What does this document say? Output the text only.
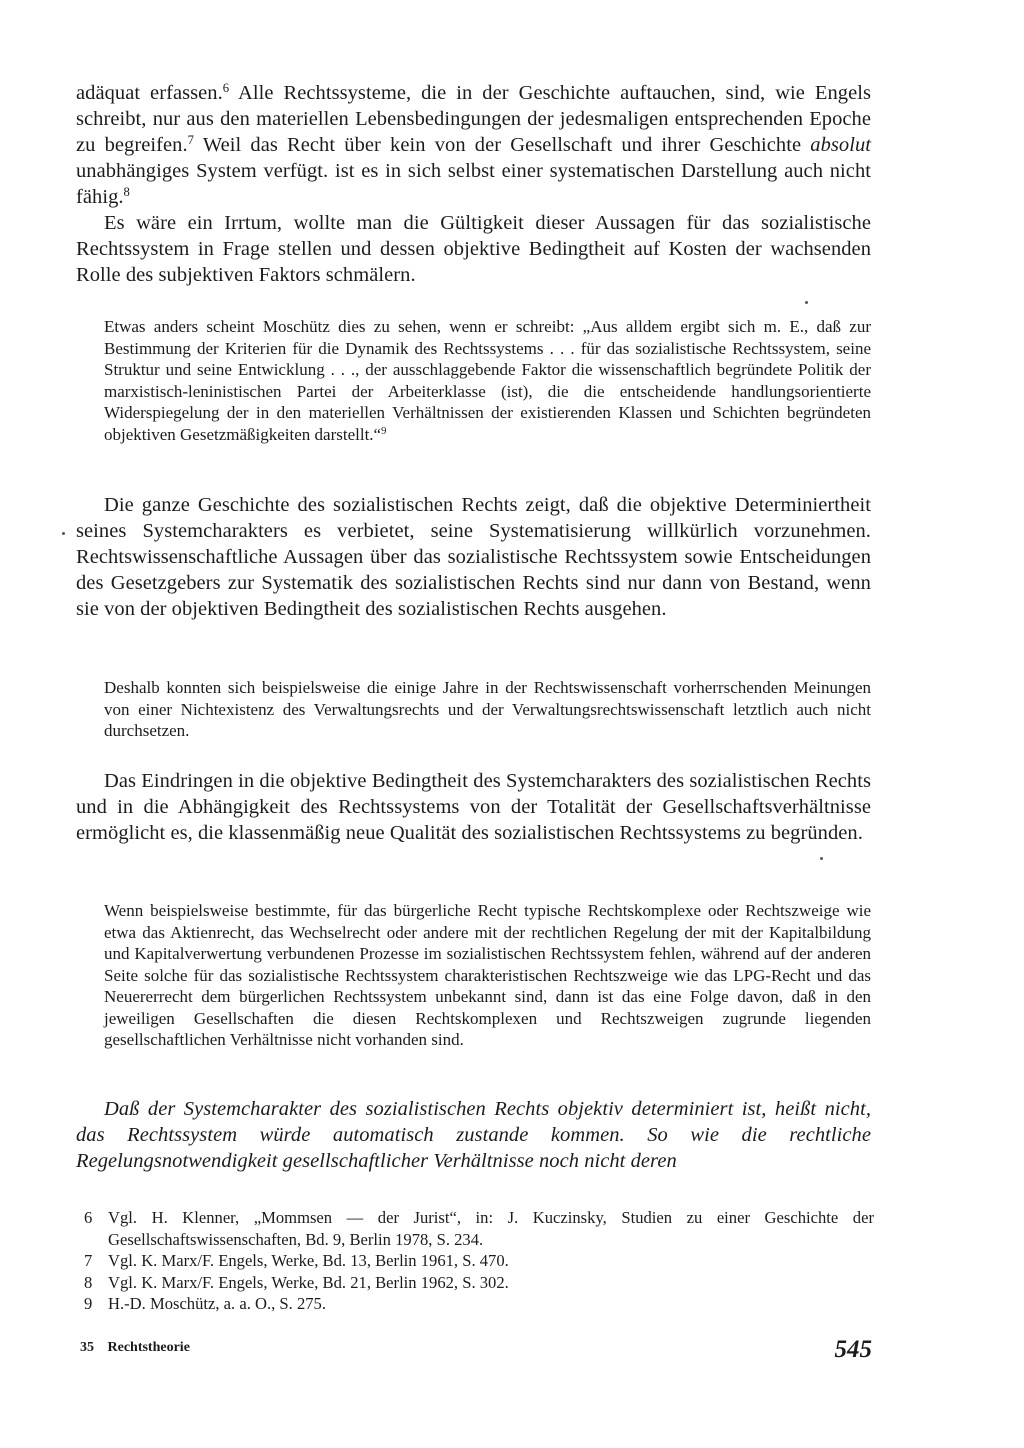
adäquat erfassen.$^6$ Alle Rechtssysteme, die in der Geschichte auftauchen, sind, wie Engels schreibt, nur aus den materiellen Lebensbedingungen der jedesmaligen entsprechenden Epoche zu begreifen.$^7$ Weil das Recht über kein von der Gesellschaft und ihrer Geschichte absolut unabhängiges System verfügt. ist es in sich selbst einer systematischen Darstellung auch nicht fähig.$^8$

Es wäre ein Irrtum, wollte man die Gültigkeit dieser Aussagen für das sozialistische Rechtssystem in Frage stellen und dessen objektive Bedingtheit auf Kosten der wachsenden Rolle des subjektiven Faktors schmälern.

Etwas anders scheint Moschütz dies zu sehen, wenn er schreibt: „Aus alldem ergibt sich m. E., daß zur Bestimmung der Kriterien für die Dynamik des Rechtssystems . . . für das sozialistische Rechtssystem, seine Struktur und seine Entwicklung . . ., der ausschlaggebende Faktor die wissenschaftlich begründete Politik der marxistisch-leninistischen Partei der Arbeiterklasse (ist), die die entscheidende handlungsorientierte Widerspiegelung der in den materiellen Verhältnissen der existierenden Klassen und Schichten begründeten objektiven Gesetzmäßigkeiten darstellt.“$^9$

Die ganze Geschichte des sozialistischen Rechts zeigt, daß die objektive Determiniertheit seines Systemcharakters es verbietet, seine Systematisierung willkürlich vorzunehmen. Rechtswissenschaftliche Aussagen über das sozialistische Rechtssystem sowie Entscheidungen des Gesetzgebers zur Systematik des sozialistischen Rechts sind nur dann von Bestand, wenn sie von der objektiven Bedingtheit des sozialistischen Rechts ausgehen.

Deshalb konnten sich beispielsweise die einige Jahre in der Rechtswissenschaft vorherrschenden Meinungen von einer Nichtexistenz des Verwaltungsrechts und der Verwaltungsrechtswissenschaft letztlich auch nicht durchsetzen.

Das Eindringen in die objektive Bedingtheit des Systemcharakters des sozialistischen Rechts und in die Abhängigkeit des Rechtssystems von der Totalität der Gesellschaftsverhältnisse ermöglicht es, die klassenmäßig neue Qualität des sozialistischen Rechtssystems zu begründen.

Wenn beispielsweise bestimmte, für das bürgerliche Recht typische Rechtskomplexe oder Rechtszweige wie etwa das Aktienrecht, das Wechselrecht oder andere mit der rechtlichen Regelung der mit der Kapitalbildung und Kapitalverwertung verbundenen Prozesse im sozialistischen Rechtssystem fehlen, während auf der anderen Seite solche für das sozialistische Rechtssystem charakteristischen Rechtszweige wie das LPG-Recht und das Neuererrecht dem bürgerlichen Rechtssystem unbekannt sind, dann ist das eine Folge davon, daß in den jeweiligen Gesellschaften die diesen Rechtskomplexen und Rechtszweigen zugrunde liegenden gesellschaftlichen Verhältnisse nicht vorhanden sind.

Daß der Systemcharakter des sozialistischen Rechts objektiv determiniert ist, heißt nicht, das Rechtssystem würde automatisch zustande kommen. So wie die rechtliche Regelungsnotwendigkeit gesellschaftlicher Verhältnisse noch nicht deren

6 Vgl. H. Klenner, „Mommsen — der Jurist“, in: J. Kuczinsky, Studien zu einer Geschichte der Gesellschaftswissenschaften, Bd. 9, Berlin 1978, S. 234.
7 Vgl. K. Marx/F. Engels, Werke, Bd. 13, Berlin 1961, S. 470.
8 Vgl. K. Marx/F. Engels, Werke, Bd. 21, Berlin 1962, S. 302.
9 H.-D. Moschütz, a. a. O., S. 275.
35 Rechtstheorie	545
